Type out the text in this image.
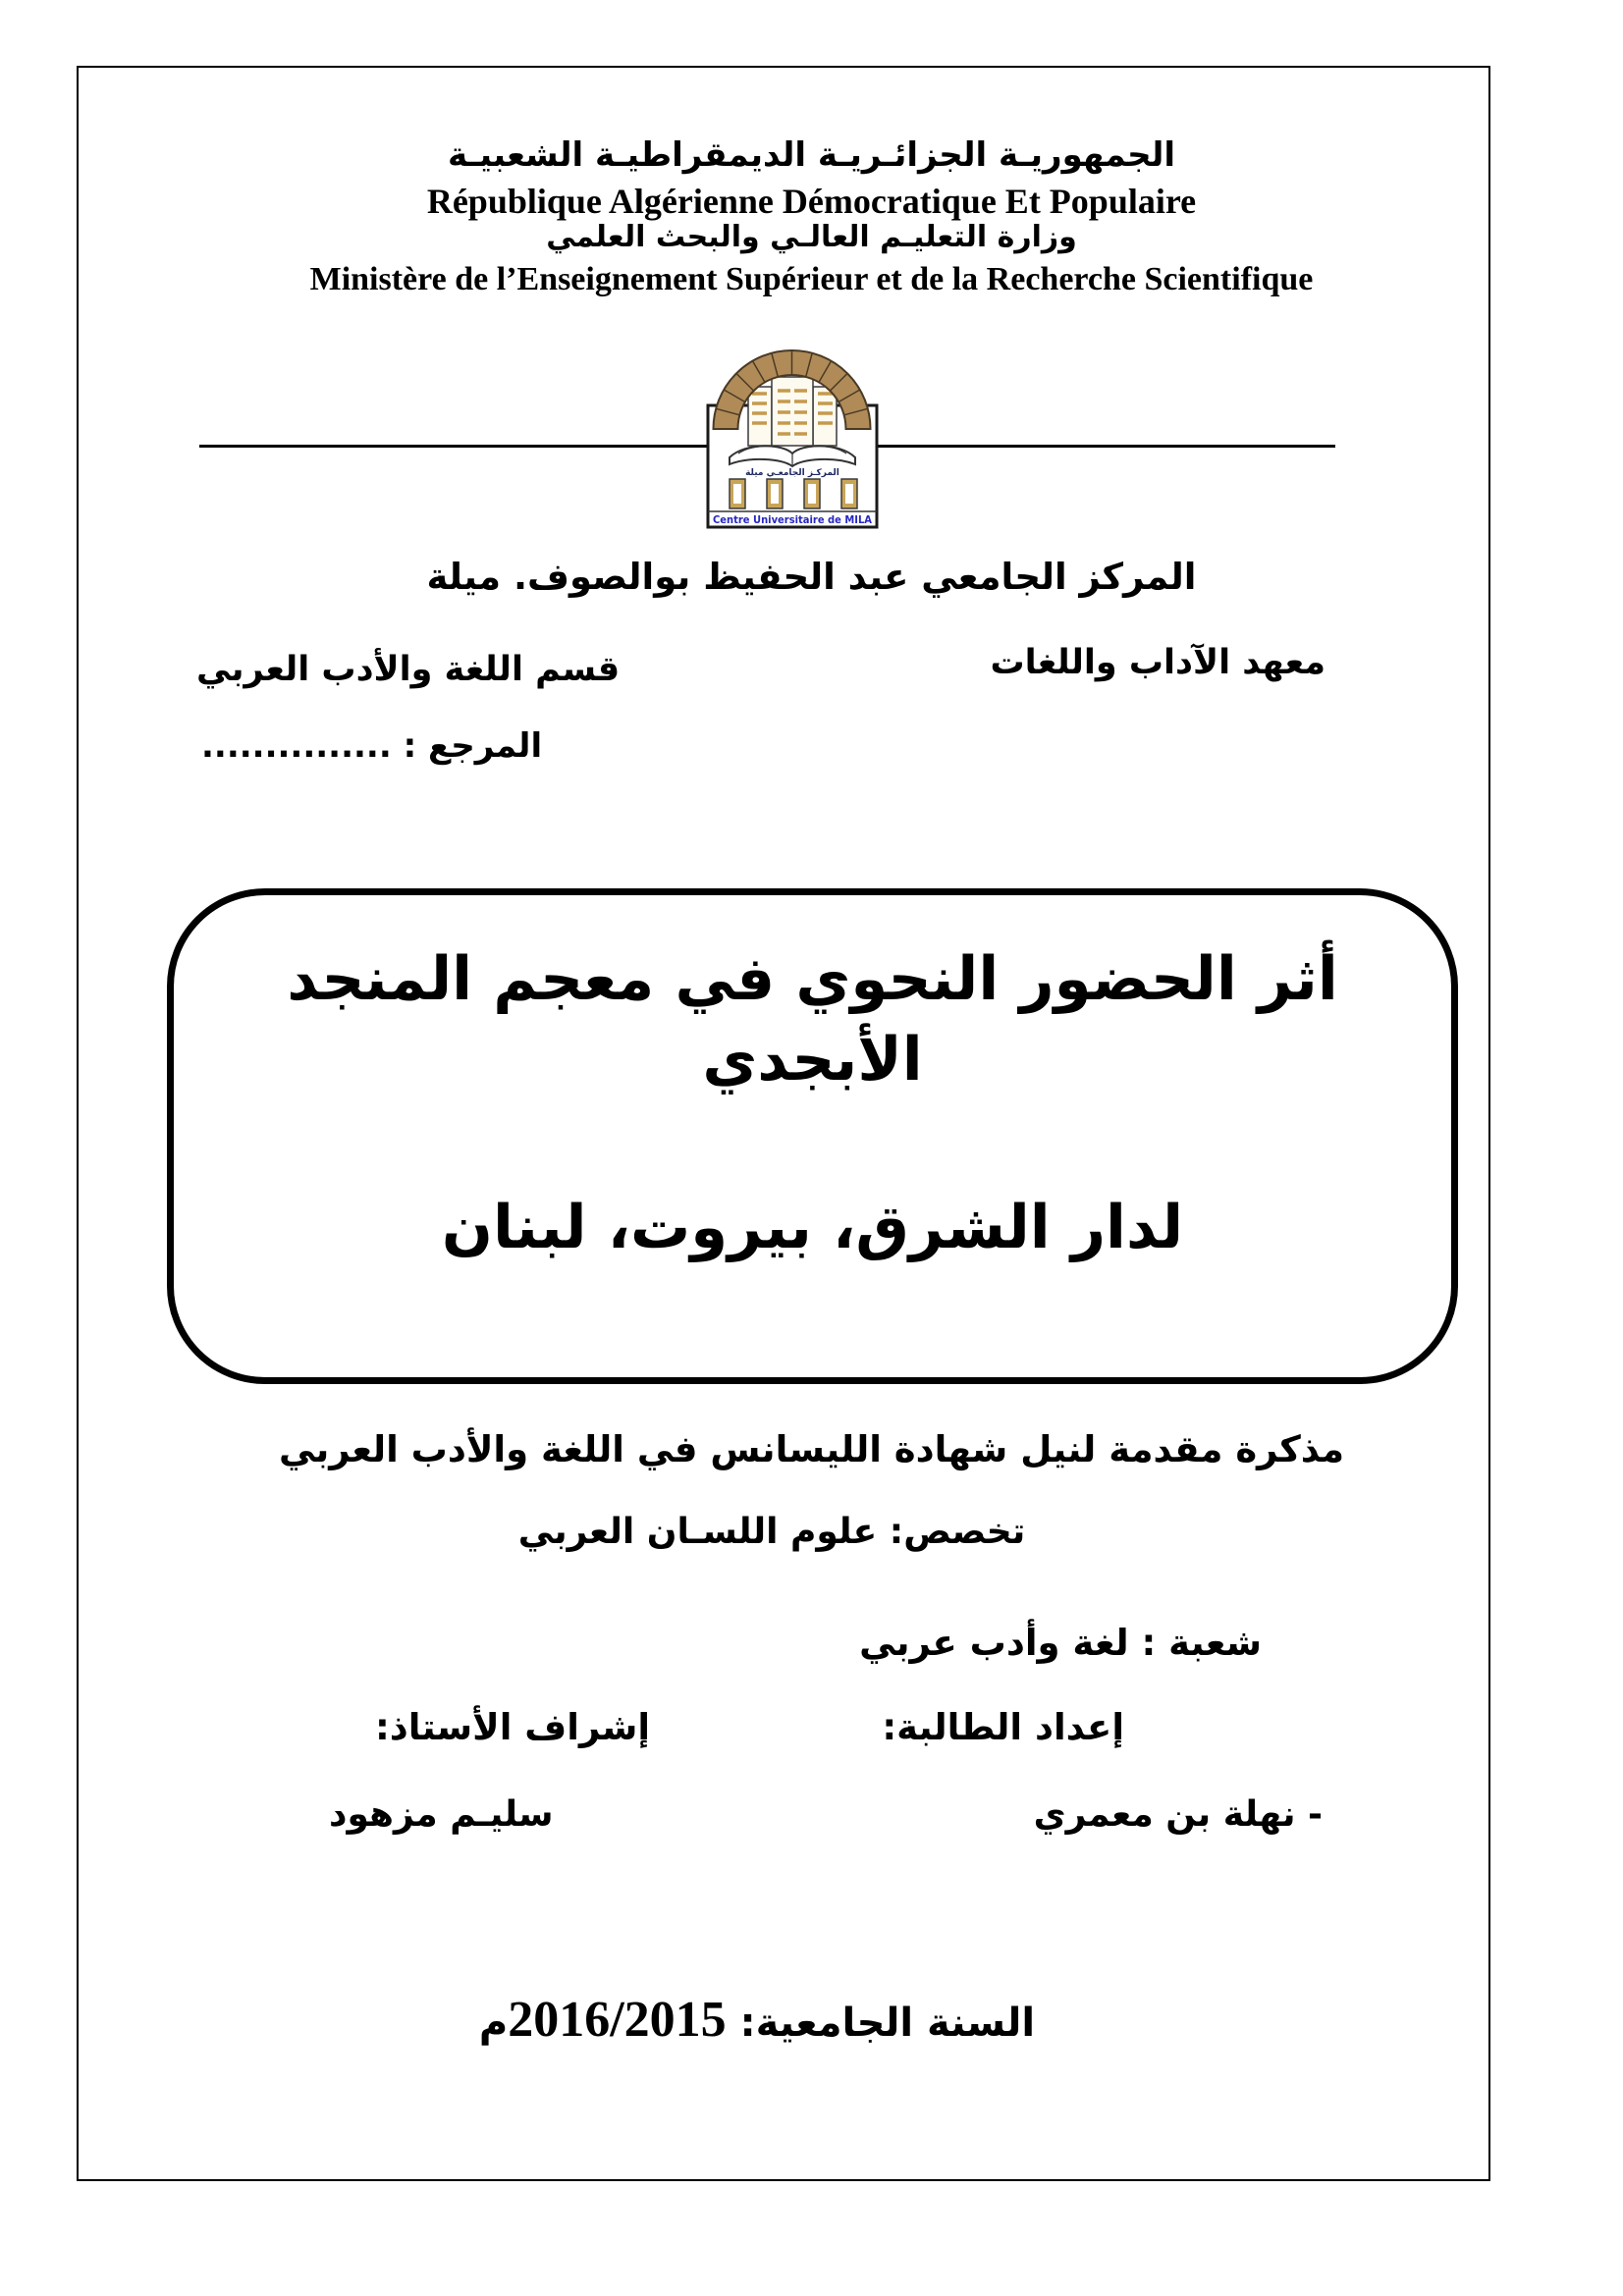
الجمهوريـة الجزائـريـة الديمقراطيـة الشعبيـة
République Algérienne Démocratique Et Populaire
وزارة التعليـم العالـي والبحث العلمي
Ministère de l’Enseignement Supérieur et de la Recherche Scientifique
المركـز الجامعـي ميلة
Centre Universitaire de MILA
المركز الجامعي عبد الحفيظ بوالصوف. ميلة
معهد الآداب واللغات
قسم اللغة والأدب العربي
المرجع : ...............
أثر الحضور النحوي في معجم المنجد الأبجدي
لدار الشرق، بيروت، لبنان
مذكرة مقدمة لنيل شهادة الليسانس في اللغة والأدب العربي
تخصص: علوم اللسـان العربي
شعبة : لغة وأدب عربي
إعداد الطالبة:
إشراف الأستاذ:
- نهلة بن معمري
سليـم مزهود
السنة الجامعية: 2016/2015م
